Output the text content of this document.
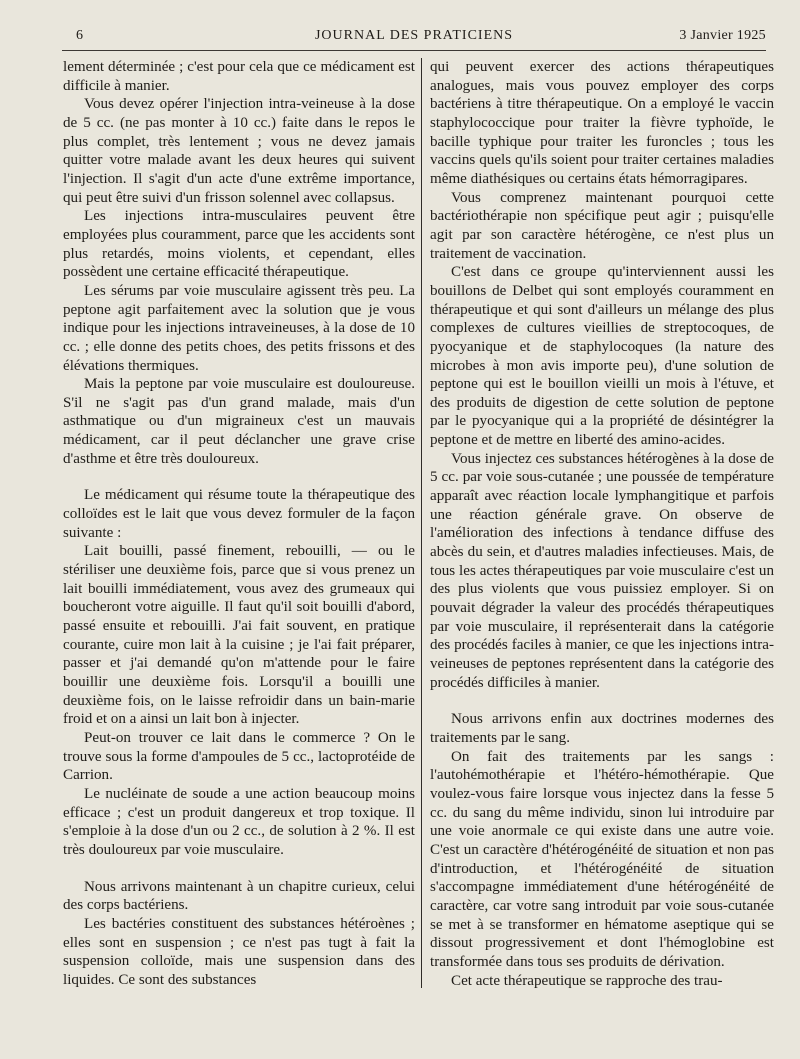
6	JOURNAL DES PRATICIENS	3 Janvier 1925

lement déterminée ; c'est pour cela que ce médicament est difficile à manier.

Vous devez opérer l'injection intra-veineuse à la dose de 5 cc. (ne pas monter à 10 cc.) faite dans le repos le plus complet, très lentement ; vous ne devez jamais quitter votre malade avant les deux heures qui suivent l'injection. Il s'agit d'un acte d'une extrême importance, qui peut être suivi d'un frisson solennel avec collapsus.

Les injections intra-musculaires peuvent être employées plus couramment, parce que les accidents sont plus retardés, moins violents, et cependant, elles possèdent une certaine efficacité thérapeutique.

Les sérums par voie musculaire agissent très peu. La peptone agit parfaitement avec la solution que je vous indique pour les injections intraveineuses, à la dose de 10 cc. ; elle donne des petits choes, des petits frissons et des élévations thermiques.

Mais la peptone par voie musculaire est douloureuse. S'il ne s'agit pas d'un grand malade, mais d'un asthmatique ou d'un migraineux c'est un mauvais médicament, car il peut déclancher une grave crise d'asthme et être très douloureux.

Le médicament qui résume toute la thérapeutique des colloïdes est le lait que vous devez formuler de la façon suivante :

Lait bouilli, passé finement, rebouilli, — ou le stériliser une deuxième fois, parce que si vous prenez un lait bouilli immédiatement, vous avez des grumeaux qui boucheront votre aiguille. Il faut qu'il soit bouilli d'abord, passé ensuite et rebouilli. J'ai fait souvent, en pratique courante, cuire mon lait à la cuisine ; je l'ai fait préparer, passer et j'ai demandé qu'on m'attende pour le faire bouillir une deuxième fois. Lorsqu'il a bouilli une deuxième fois, on le laisse refroidir dans un bain-marie froid et on a ainsi un lait bon à injecter.

Peut-on trouver ce lait dans le commerce ? On le trouve sous la forme d'ampoules de 5 cc., lactoprotéide de Carrion.

Le nucléinate de soude a une action beaucoup moins efficace ; c'est un produit dangereux et trop toxique. Il s'emploie à la dose d'un ou 2 cc., de solution à 2 %. Il est très douloureux par voie musculaire.

Nous arrivons maintenant à un chapitre curieux, celui des corps bactériens.

Les bactéries constituent des substances hétéroènes ; elles sont en suspension ; ce n'est pas tugt à fait la suspension colloïde, mais une suspension dans des liquides. Ce sont des substances

qui peuvent exercer des actions thérapeutiques analogues, mais vous pouvez employer des corps bactériens à titre thérapeutique. On a employé le vaccin staphylococcique pour traiter la fièvre typhoïde, le bacille typhique pour traiter les furoncles ; tous les vaccins quels qu'ils soient pour traiter certaines maladies même diathésiques ou certains états hémorragipares.

Vous comprenez maintenant pourquoi cette bactériothérapie non spécifique peut agir ; puisqu'elle agit par son caractère hétérogène, ce n'est plus un traitement de vaccination.

C'est dans ce groupe qu'interviennent aussi les bouillons de Delbet qui sont employés couramment en thérapeutique et qui sont d'ailleurs un mélange des plus complexes de cultures vieillies de streptocoques, de pyocyanique et de staphylocoques (la nature des microbes à mon avis importe peu), d'une solution de peptone qui est le bouillon vieilli un mois à l'étuve, et des produits de digestion de cette solution de peptone par le pyocyanique qui a la propriété de désintégrer la peptone et de mettre en liberté des amino-acides.

Vous injectez ces substances hétérogènes à la dose de 5 cc. par voie sous-cutanée ; une poussée de température apparaît avec réaction locale lymphangitique et parfois une réaction générale grave. On observe de l'amélioration des infections à tendance diffuse des abcès du sein, et d'autres maladies infectieuses. Mais, de tous les actes thérapeutiques par voie musculaire c'est un des plus violents que vous puissiez employer. Si on pouvait dégrader la valeur des procédés thérapeutiques par voie musculaire, il représenterait dans la catégorie des procédés faciles à manier, ce que les injections intra-veineuses de peptones représentent dans la catégorie des procédés difficiles à manier.

Nous arrivons enfin aux doctrines modernes des traitements par le sang.

On fait des traitements par les sangs : l'autohémothérapie et l'hétéro-hémothérapie. Que voulez-vous faire lorsque vous injectez dans la fesse 5 cc. du sang du même individu, sinon lui introduire par une voie anormale ce qui existe dans une autre voie. C'est un caractère d'hétérogénéité de situation et non pas d'introduction, et l'hétérogénéité de situation s'accompagne immédiatement d'une hétérogénéité de caractère, car votre sang introduit par voie sous-cutanée se met à se transformer en hématome aseptique qui se dissout progressivement et dont l'hémoglobine est transformée dans tous ses produits de dérivation.

Cet acte thérapeutique se rapproche des trau-
